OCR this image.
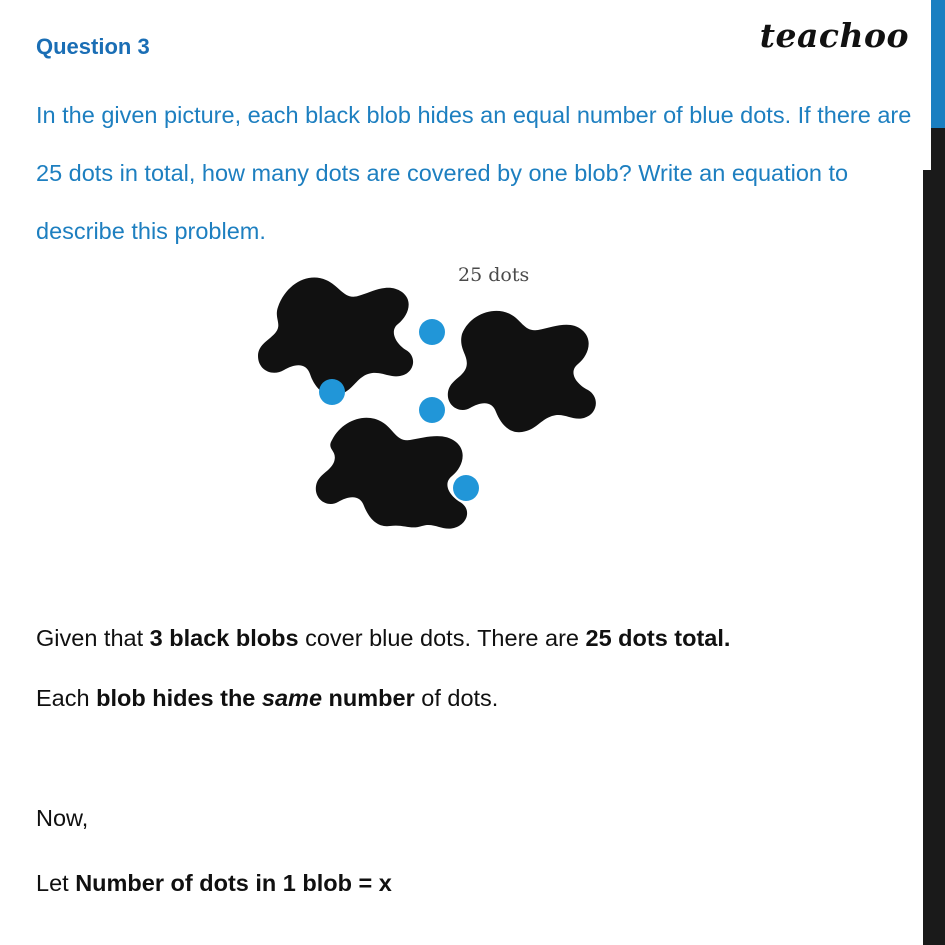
teachoo
Question 3
In the given picture, each black blob hides an equal number of blue dots. If there are 25 dots in total, how many dots are covered by one blob? Write an equation to describe this problem.
25 dots
Given that 3 black blobs cover blue dots. There are 25 dots total.
Each blob hides the same number of dots.
Now,
Let Number of dots in 1 blob = x
